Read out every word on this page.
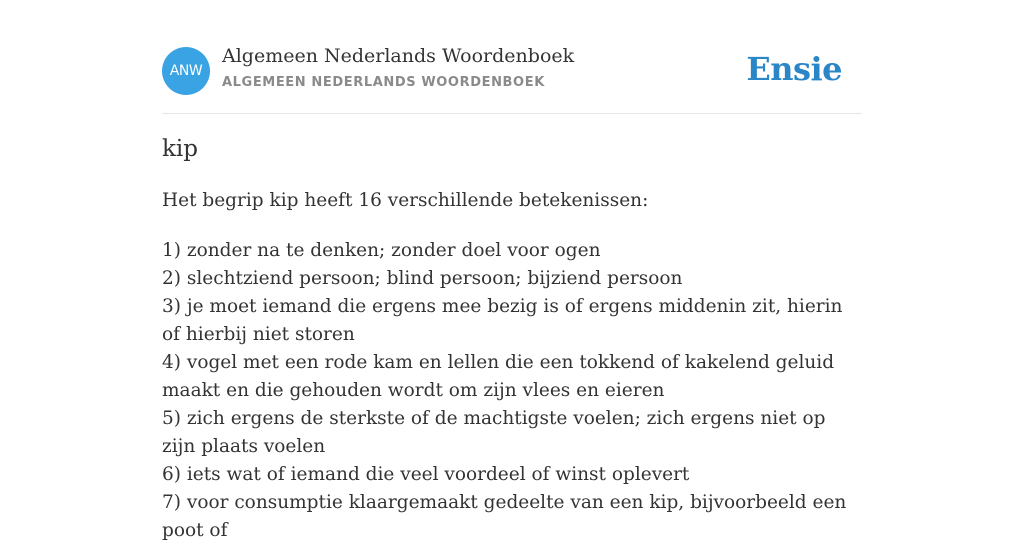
ANW
Algemeen Nederlands Woordenboek
ALGEMEEN NEDERLANDS WOORDENBOEK	Ensie
kip

Het begrip kip heeft 16 verschillende betekenissen:

1) zonder na te denken; zonder doel voor ogen
2) slechtziend persoon; blind persoon; bijziend persoon
3) je moet iemand die ergens mee bezig is of ergens middenin zit, hierin of hierbij niet storen
4) vogel met een rode kam en lellen die een tokkend of kakelend geluid maakt en die gehouden wordt om zijn vlees en eieren
5) zich ergens de sterkste of de machtigste voelen; zich ergens niet op zijn plaats voelen
6) iets wat of iemand die veel voordeel of winst oplevert
7) voor consumptie klaargemaakt gedeelte van een kip, bijvoorbeeld een poot of
